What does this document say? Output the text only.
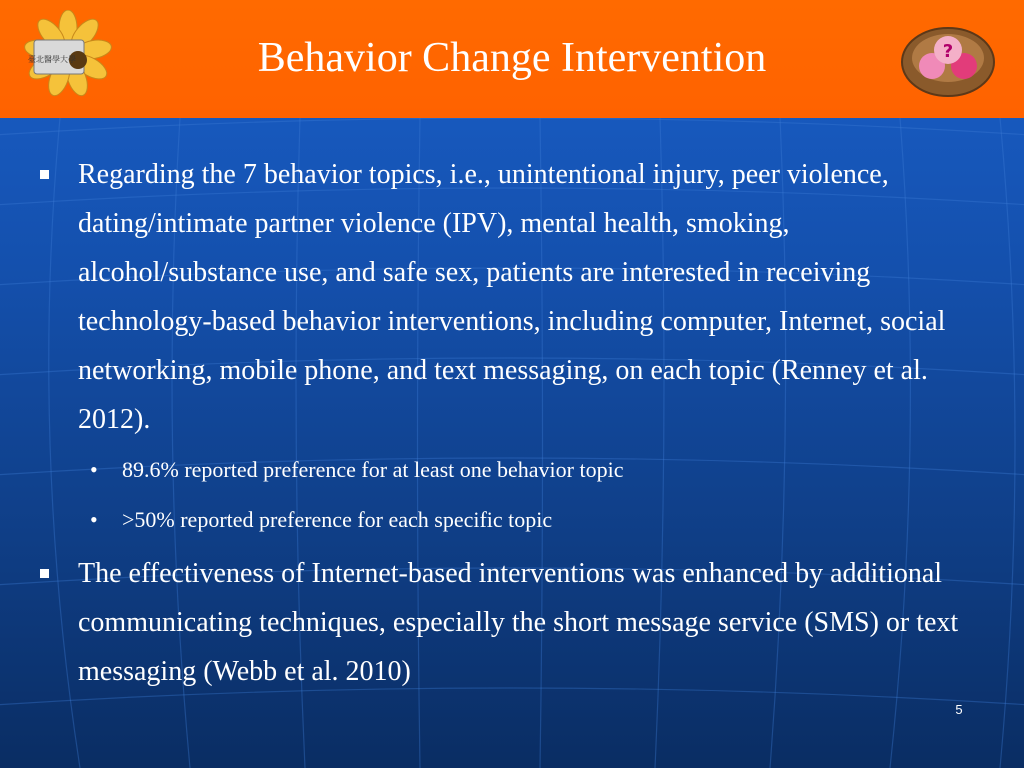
臺北醫學大學	Behavior Change Intervention	?

Regarding the 7 behavior topics, i.e., unintentional injury, peer violence, dating/intimate partner violence (IPV), mental health, smoking, alcohol/substance use, and safe sex, patients are interested in receiving technology-based behavior interventions, including computer, Internet, social networking, mobile phone, and text messaging, on each topic (Renney et al. 2012).

• 89.6% reported preference for at least one behavior topic
• >50% reported preference for each specific topic

The effectiveness of Internet-based interventions was enhanced by additional communicating techniques, especially the short message service (SMS) or text messaging (Webb et al. 2010)

5
